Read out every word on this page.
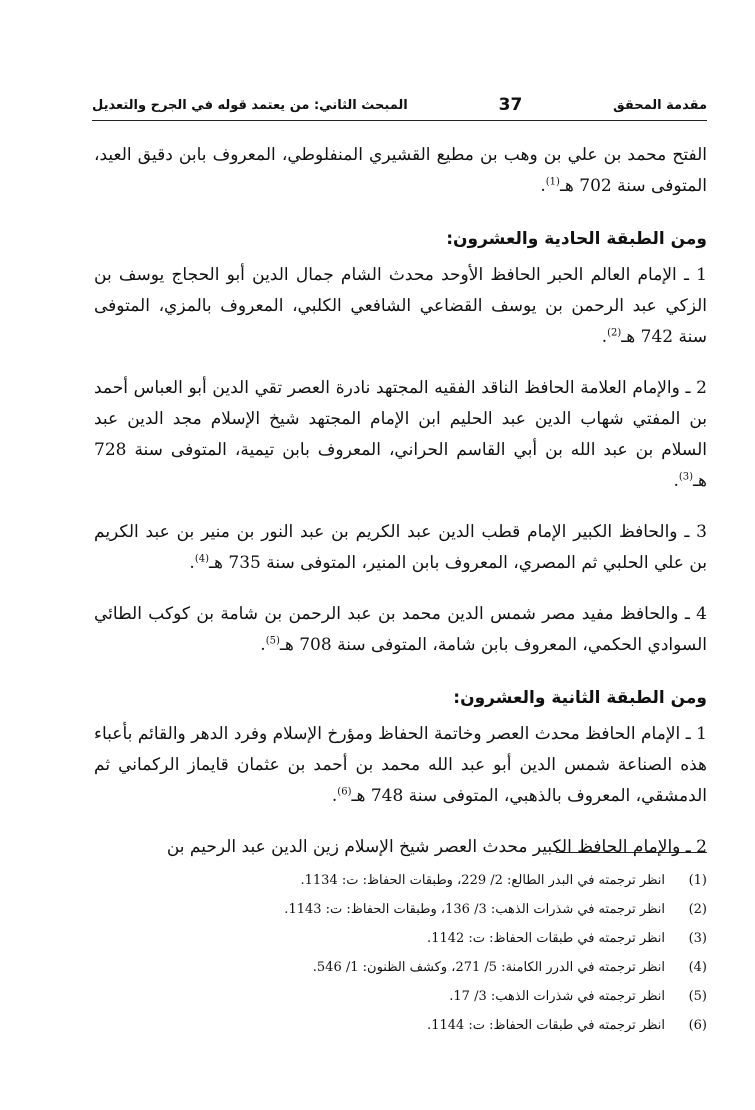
مقدمة المحقق
37
المبحث الثاني: من يعتمد قوله في الجرح والتعديل

الفتح محمد بن علي بن وهب بن مطيع القشيري المنفلوطي، المعروف بابن دقيق العيد، المتوفى سنة 702 هـ$^{(1)}$.

ومن الطبقة الحادية والعشرون:

1 ـ الإمام العالم الحبر الحافظ الأوحد محدث الشام جمال الدين أبو الحجاج يوسف بن الزكي عبد الرحمن بن يوسف القضاعي الشافعي الكلبي، المعروف بالمزي، المتوفى سنة 742 هـ$^{(2)}$.

2 ـ والإمام العلامة الحافظ الناقد الفقيه المجتهد نادرة العصر تقي الدين أبو العباس أحمد بن المفتي شهاب الدين عبد الحليم ابن الإمام المجتهد شيخ الإسلام مجد الدين عبد السلام بن عبد الله بن أبي القاسم الحراني، المعروف بابن تيمية، المتوفى سنة 728 هـ$^{(3)}$.

3 ـ والحافظ الكبير الإمام قطب الدين عبد الكريم بن عبد النور بن منير بن عبد الكريم بن علي الحلبي ثم المصري، المعروف بابن المنير، المتوفى سنة 735 هـ$^{(4)}$.

4 ـ والحافظ مفيد مصر شمس الدين محمد بن عبد الرحمن بن شامة بن كوكب الطائي السوادي الحكمي، المعروف بابن شامة، المتوفى سنة 708 هـ$^{(5)}$.

ومن الطبقة الثانية والعشرون:

1 ـ الإمام الحافظ محدث العصر وخاتمة الحفاظ ومؤرخ الإسلام وفرد الدهر والقائم بأعباء هذه الصناعة شمس الدين أبو عبد الله محمد بن أحمد بن عثمان قايماز الركماني ثم الدمشقي، المعروف بالذهبي، المتوفى سنة 748 هـ$^{(6)}$.

2 ـ والإمام الحافظ الكبير محدث العصر شيخ الإسلام زين الدين عبد الرحيم بن

(1)
انظر ترجمته في البدر الطالع: 2/ 229، وطبقات الحفاظ: ت: 1134.
(2)
انظر ترجمته في شذرات الذهب: 3/ 136، وطبقات الحفاظ: ت: 1143.
(3)
انظر ترجمته في طبقات الحفاظ: ت: 1142.
(4)
انظر ترجمته في الدرر الكامنة: 5/ 271، وكشف الظنون: 1/ 546.
(5)
انظر ترجمته في شذرات الذهب: 3/ 17.
(6)
انظر ترجمته في طبقات الحفاظ: ت: 1144.
